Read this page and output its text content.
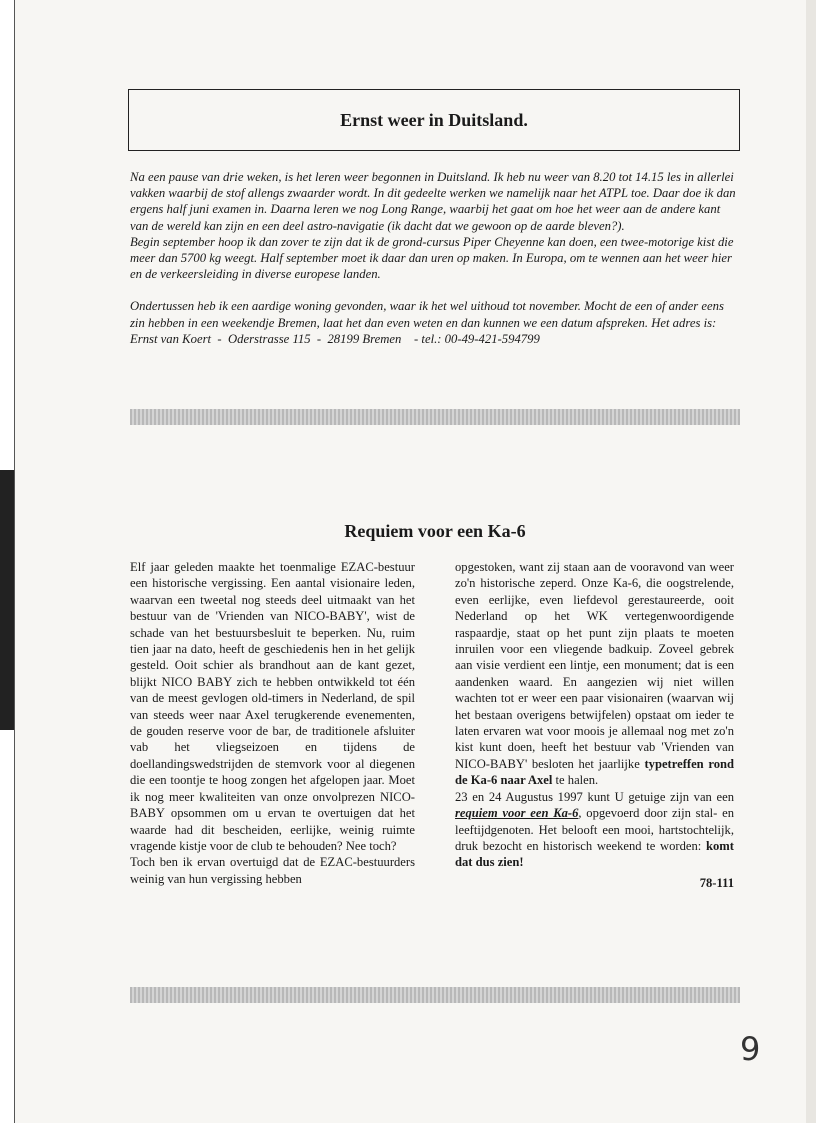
Ernst weer in Duitsland.

Na een pause van drie weken, is het leren weer begonnen in Duitsland. Ik heb nu weer van 8.20 tot 14.15 les in allerlei vakken waarbij de stof allengs zwaarder wordt. In dit gedeelte werken we namelijk naar het ATPL toe. Daar doe ik dan ergens half juni examen in. Daarna leren we nog Long Range, waarbij het gaat om hoe het weer aan de andere kant van de wereld kan zijn en een deel astro-navigatie (ik dacht dat we gewoon op de aarde bleven?).
Begin september hoop ik dan zover te zijn dat ik de grond-cursus Piper Cheyenne kan doen, een twee-motorige kist die meer dan 5700 kg weegt. Half september moet ik daar dan uren op maken. In Europa, om te wennen aan het weer hier en de verkeersleiding in diverse europese landen.

Ondertussen heb ik een aardige woning gevonden, waar ik het wel uithoud tot november. Mocht de een of ander eens zin hebben in een weekendje Bremen, laat het dan even weten en dan kunnen we een datum afspreken. Het adres is:
Ernst van Koert  -  Oderstrasse 115  -  28199 Bremen    - tel.: 00-49-421-594799

Requiem voor een Ka-6

Elf jaar geleden maakte het toenmalige EZAC-bestuur een historische vergissing. Een aantal visionaire leden, waarvan een tweetal nog steeds deel uitmaakt van het bestuur van de 'Vrienden van NICO-BABY', wist de schade van het bestuursbesluit te beperken. Nu, ruim tien jaar na dato, heeft de geschiedenis hen in het gelijk gesteld. Ooit schier als brandhout aan de kant gezet, blijkt NICO BABY zich te hebben ontwikkeld tot één van de meest gevlogen old-timers in Nederland, de spil van steeds weer naar Axel terugkerende evenementen, de gouden reserve voor de bar, de traditionele afsluiter vab het vliegseizoen en tijdens de doellandingswedstrijden de stemvork voor al diegenen die een toontje te hoog zongen het afgelopen jaar. Moet ik nog meer kwaliteiten van onze onvolprezen NICO-BABY opsommen om u ervan te overtuigen dat het waarde had dit bescheiden, eerlijke, weinig ruimte vragende kistje voor de club te behouden? Nee toch?

Toch ben ik ervan overtuigd dat de EZAC-bestuurders weinig van hun vergissing hebben

opgestoken, want zij staan aan de vooravond van weer zo'n historische zeperd. Onze Ka-6, die oogstrelende, even eerlijke, even liefdevol gerestaureerde, ooit Nederland op het WK vertegenwoordigende raspaardje, staat op het punt zijn plaats te moeten inruilen voor een vliegende badkuip. Zoveel gebrek aan visie verdient een lintje, een monument; dat is een aandenken waard. En aangezien wij niet willen wachten tot er weer een paar visionairen (waarvan wij het bestaan overigens betwijfelen) opstaat om ieder te laten ervaren wat voor moois je allemaal nog met zo'n kist kunt doen, heeft het bestuur vab 'Vrienden van NICO-BABY' besloten het jaarlijke typetreffen rond de Ka-6 naar Axel te halen.

23 en 24 Augustus 1997 kunt U getuige zijn van een requiem voor een Ka-6, opgevoerd door zijn stal- en leeftijdgenoten. Het belooft een mooi, hartstochtelijk, druk bezocht en historisch weekend te worden: komt dat dus zien!

78-111
9
